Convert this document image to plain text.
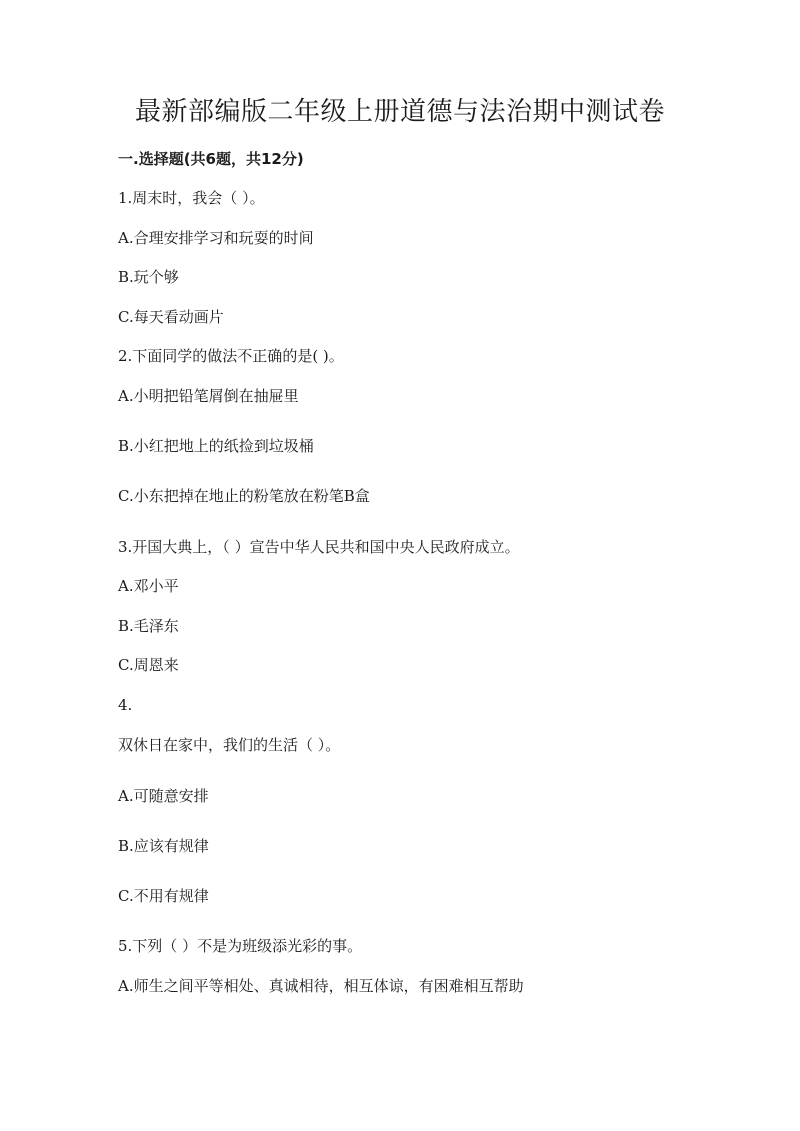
最新部编版二年级上册道德与法治期中测试卷
一.选择题(共6题，共12分)

1.周末时，我会（ ）。

A.合理安排学习和玩耍的时间

B.玩个够

C.每天看动画片

2.下面同学的做法不正确的是( )。

A.小明把铅笔屑倒在抽屉里

B.小红把地上的纸捡到垃圾桶

C.小东把掉在地止的粉笔放在粉笔B盒

3.开国大典上，（ ）宣告中华人民共和国中央人民政府成立。

A.邓小平

B.毛泽东

C.周恩来

4.

双休日在家中，我们的生活（ ）。

A.可随意安排

B.应该有规律

C.不用有规律

5.下列（ ）不是为班级添光彩的事。

A.师生之间平等相处、真诚相待，相互体谅，有困难相互帮助
